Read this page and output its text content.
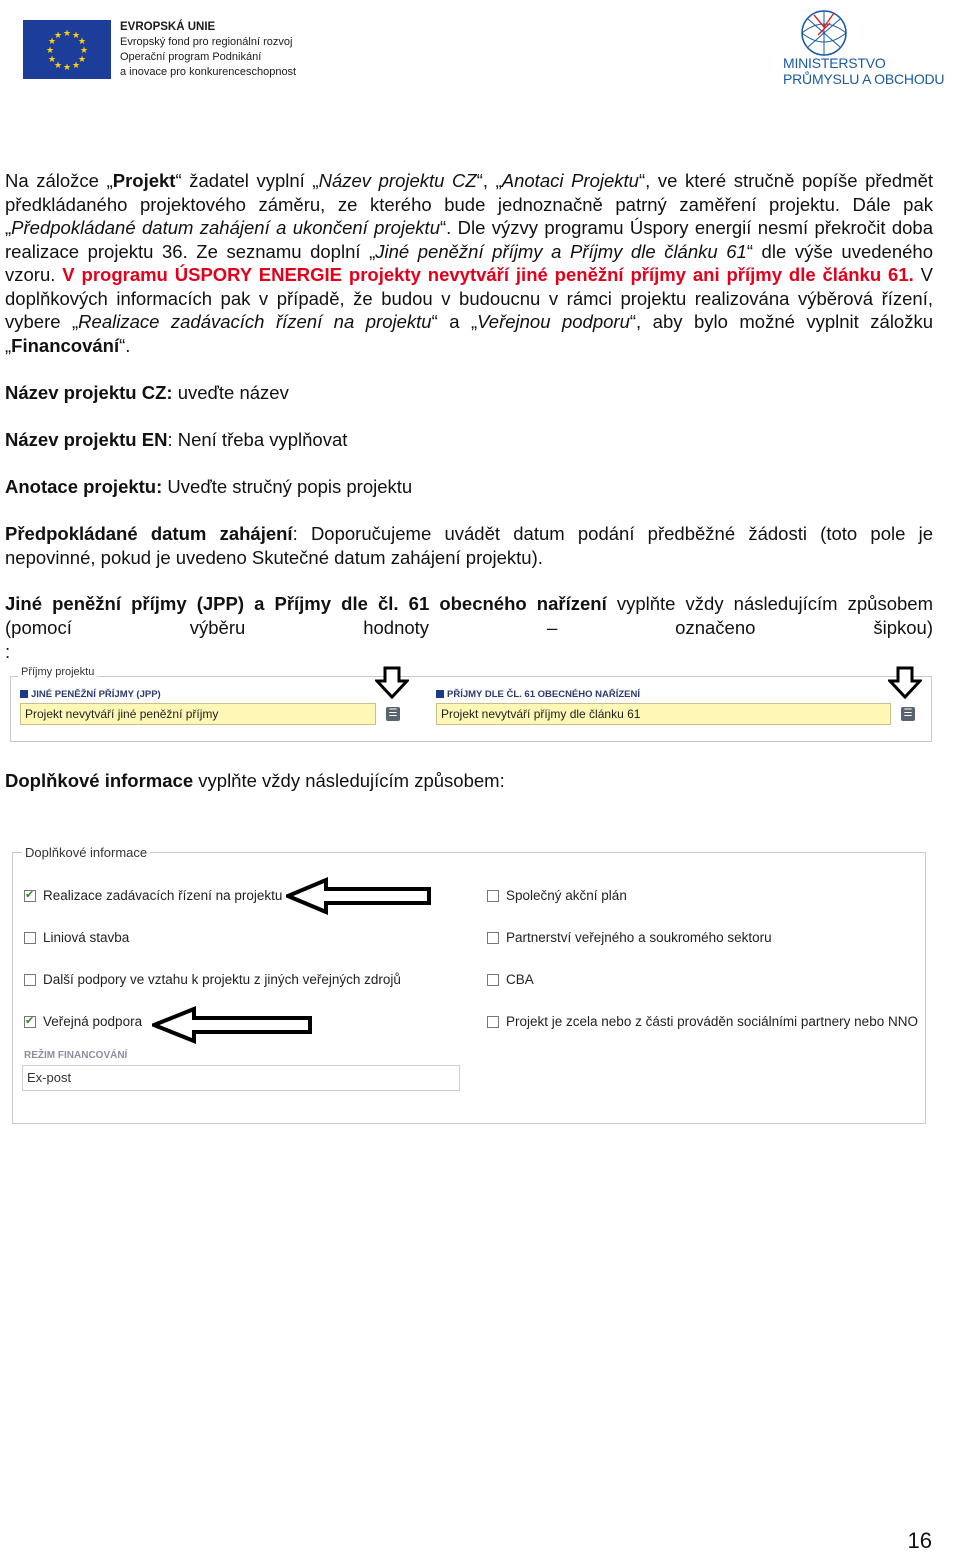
★ ★
★
★
★
★
★
★
★
★
★
★
EVROPSKÁ UNIE
Evropský fond pro regionální rozvoj
Operační program Podnikání
a inovace pro konkurenceschopnost
MINISTERSTVO
PRŮMYSLU A OBCHODU
Na záložce „Projekt“ žadatel vyplní „Název projektu CZ“, „Anotaci Projektu“, ve které stručně popíše předmět předkládaného projektového záměru, ze kterého bude jednoznačně patrný zaměření projektu. Dále pak „Předpokládané datum zahájení a ukončení projektu“. Dle výzvy programu Úspory energií nesmí překročit doba realizace projektu 36. Ze seznamu doplní „Jiné peněžní příjmy a Příjmy dle článku 61“ dle výše uvedeného vzoru. V programu ÚSPORY ENERGIE projekty nevytváří jiné peněžní příjmy ani příjmy dle článku 61. V doplňkových informacích pak v případě, že budou v budoucnu v rámci projektu realizována výběrová řízení, vybere „Realizace zadávacích řízení na projektu“ a „Veřejnou podporu“, aby bylo možné vyplnit záložku „Financování“.
Název projektu CZ: uveďte název
Název projektu EN: Není třeba vyplňovat
Anotace projektu: Uveďte stručný popis projektu
Předpokládané datum zahájení: Doporučujeme uvádět datum podání předběžné žádosti (toto pole je nepovinné, pokud je uvedeno Skutečné datum zahájení projektu).
Jiné peněžní příjmy (JPP) a Příjmy dle čl. 61 obecného nařízení vyplňte vždy následujícím způsobem (pomocí výběru hodnoty – označeno šipkou)
:
Příjmy projektu
JINÉ PENĚŽNÍ PŘÍJMY (JPP)
Projekt nevytváří jiné peněžní příjmy	☰
PŘÍJMY DLE ČL. 61 OBECNÉHO NAŘÍZENÍ
Projekt nevytváří příjmy dle článku 61	☰
Doplňkové informace vyplňte vždy následujícím způsobem:
Doplňkové informace
✔Realizace zadávacích řízení na projektu
Liniová stavba
Další podpory ve vztahu k projektu z jiných veřejných zdrojů
✔Veřejná podpora
Společný akční plán
Partnerství veřejného a soukromého sektoru
CBA
Projekt je zcela nebo z části prováděn sociálními partnery nebo NNO
REŽIM FINANCOVÁNÍ
Ex-post
16
